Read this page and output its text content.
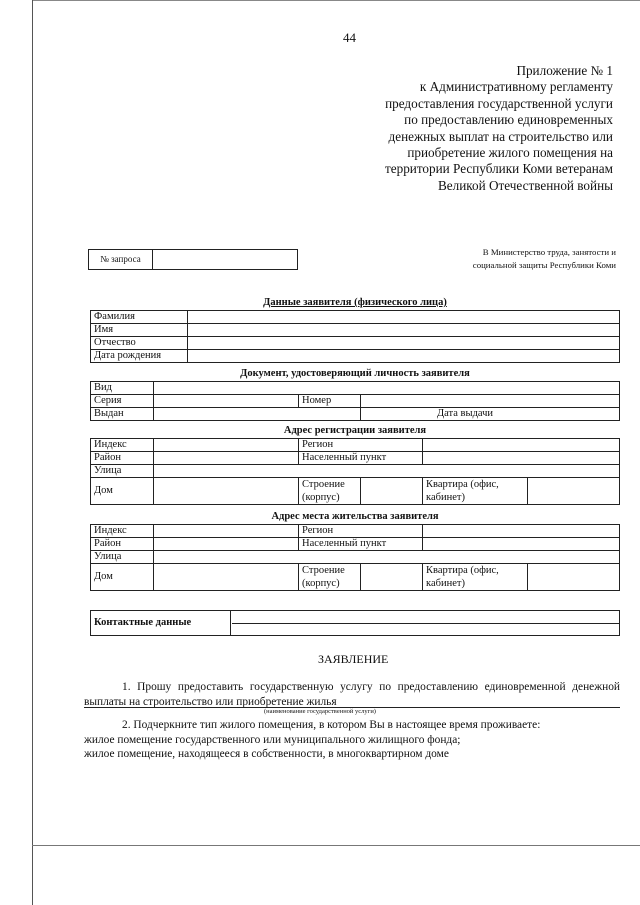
44
Приложение № 1
к Административному регламенту
предоставления государственной услуги
по предоставлению единовременных
денежных выплат на строительство или
приобретение жилого помещения на
территории Республики Коми ветеранам
Великой Отечественной войны
№ запроса
В Министерство труда, занятости и
социальной защиты Республики Коми
Данные заявителя (физического лица)
Фамилия	
Имя	
Отчество	
Дата рождения	
Документ, удостоверяющий личность заявителя
Вид			
Серия		Номер	
Выдан			Дата выдачи
Адрес регистрации заявителя
Индекс		Регион			
Район		Населенный пункт			
Улица					
Дом		Строение (корпус)		Квартира (офис, кабинет)	
Адрес места жительства заявителя
Индекс		Регион			
Район		Населенный пункт			
Улица					
Дом		Строение (корпус)		Квартира (офис, кабинет)	
Контактные данные
ЗАЯВЛЕНИЕ
1. Прошу предоставить государственную услугу по предоставлению единовременной денежной выплаты на строительство или приобретение жилья
(наименование государственной услуги)
2. Подчеркните тип жилого помещения, в котором Вы в настоящее время проживаете:
жилое помещение государственного или муниципального жилищного фонда;
жилое помещение, находящееся в собственности, в многоквартирном доме
